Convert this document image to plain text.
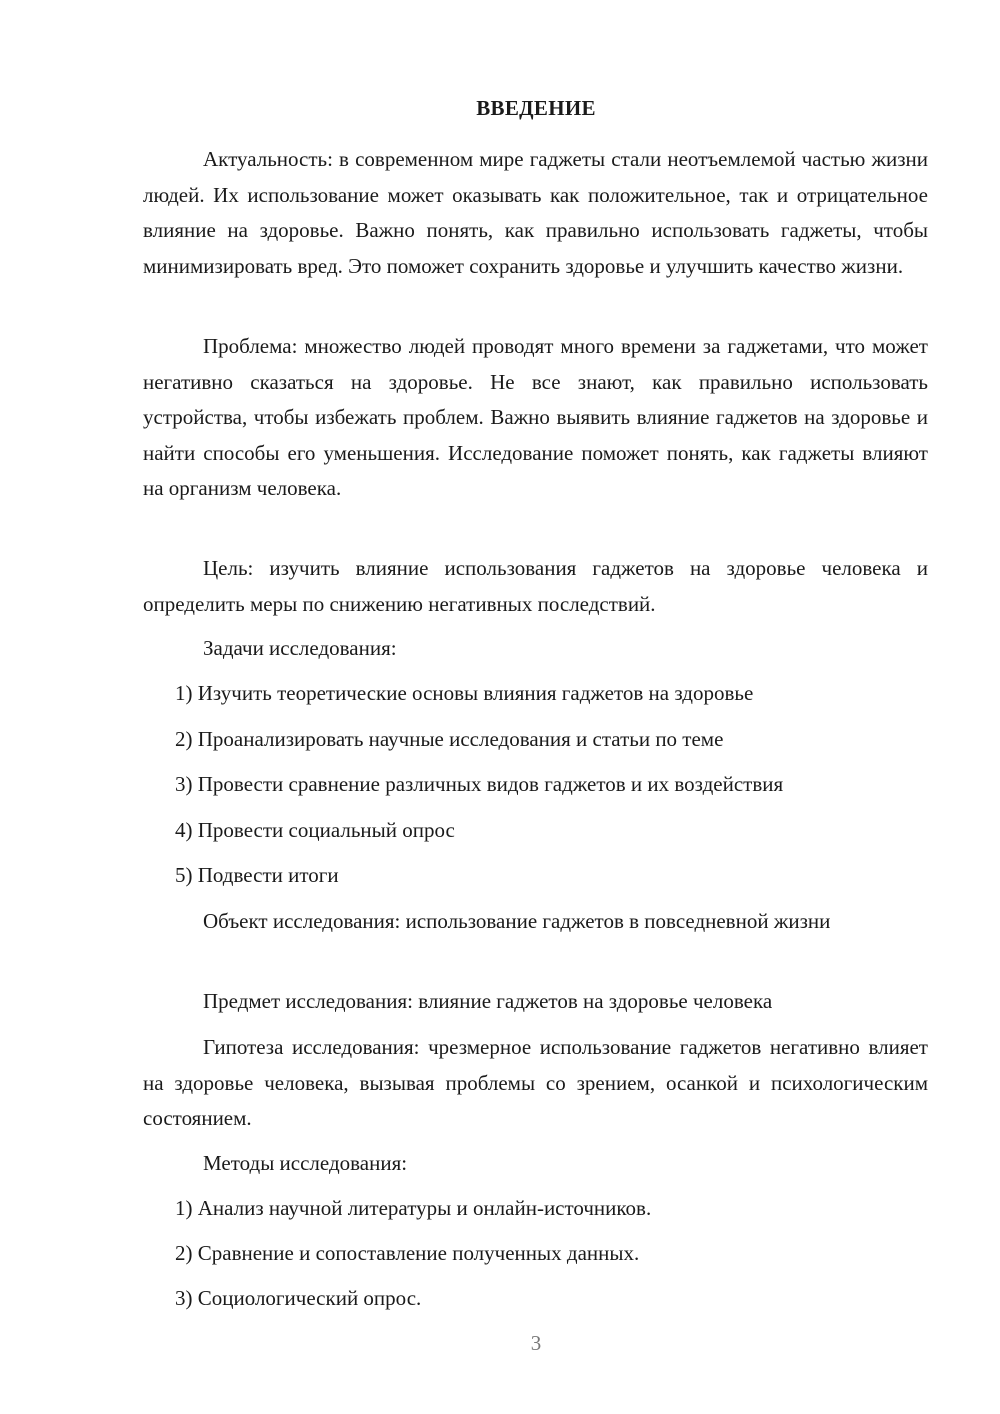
ВВЕДЕНИЕ
Актуальность: в современном мире гаджеты стали неотъемлемой частью жизни людей. Их использование может оказывать как положительное, так и отрицательное влияние на здоровье. Важно понять, как правильно использовать гаджеты, чтобы минимизировать вред. Это поможет сохранить здоровье и улучшить качество жизни.
Проблема: множество людей проводят много времени за гаджетами, что может негативно сказаться на здоровье. Не все знают, как правильно использовать устройства, чтобы избежать проблем. Важно выявить влияние гаджетов на здоровье и найти способы его уменьшения. Исследование поможет понять, как гаджеты влияют на организм человека.
Цель: изучить влияние использования гаджетов на здоровье человека и определить меры по снижению негативных последствий.
Задачи исследования:
1) Изучить теоретические основы влияния гаджетов на здоровье
2) Проанализировать научные исследования и статьи по теме
3) Провести сравнение различных видов гаджетов и их воздействия
4) Провести социальный опрос
5) Подвести итоги
Объект исследования: использование гаджетов в повседневной жизни
Предмет исследования: влияние гаджетов на здоровье человека
Гипотеза исследования: чрезмерное использование гаджетов негативно влияет на здоровье человека, вызывая проблемы со зрением, осанкой и психологическим состоянием.
Методы исследования:
1) Анализ научной литературы и онлайн-источников.
2) Сравнение и сопоставление полученных данных.
3) Социологический опрос.
3
